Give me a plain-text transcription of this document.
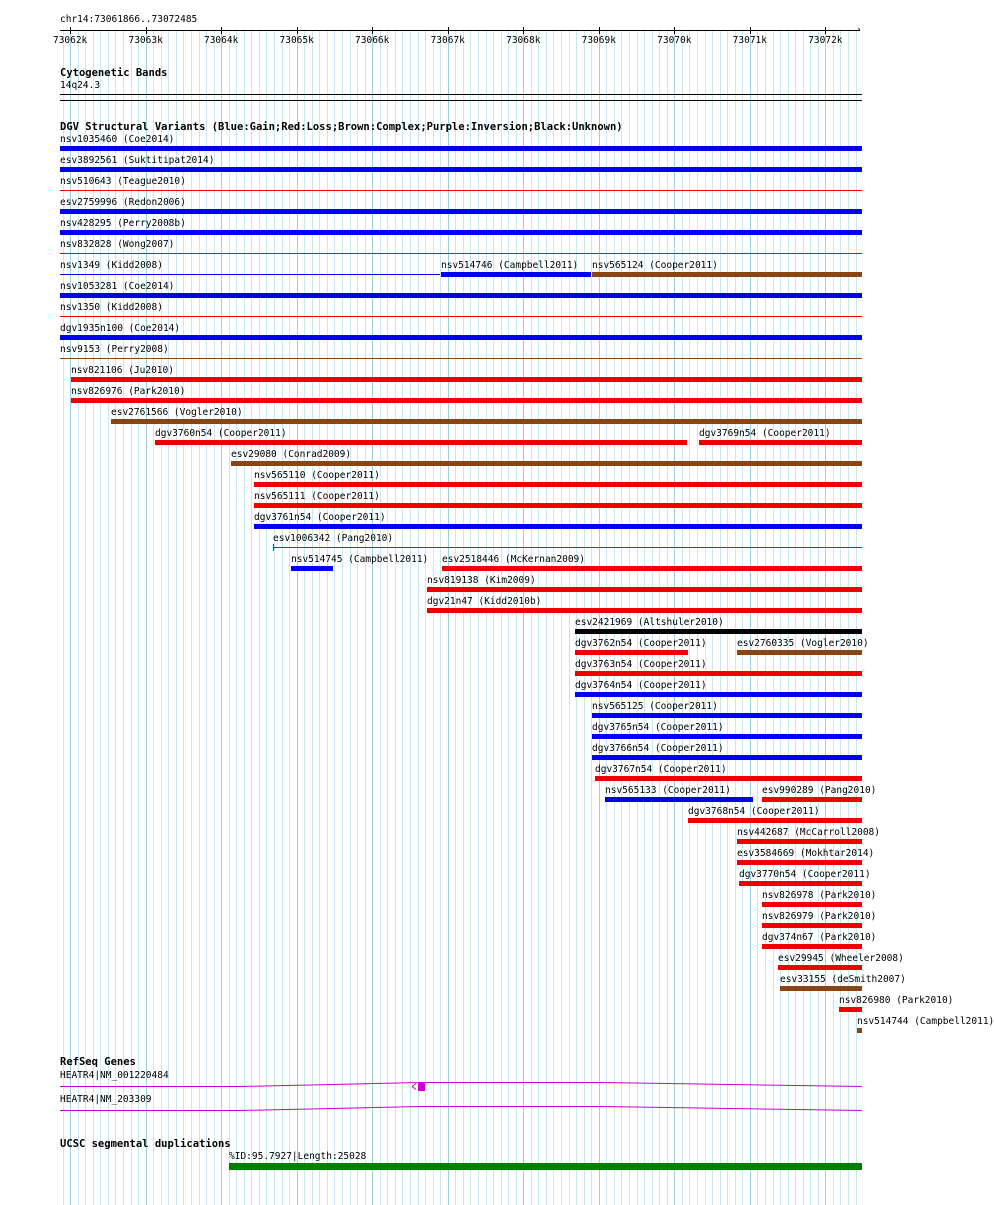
chr14:73061866..73072485
›
73062k	73063k	73064k	73065k	73066k	73067k	73068k	73069k	73070k	73071k	73072k
Cytogenetic Bands
14q24.3
DGV Structural Variants (Blue:Gain;Red:Loss;Brown:Complex;Purple:Inversion;Black:Unknown)
nsv1035460 (Coe2014)
esv3892561 (Suktitipat2014)
nsv510643 (Teague2010)
esv2759996 (Redon2006)
nsv428295 (Perry2008b)
nsv832828 (Wong2007)
nsv1349 (Kidd2008)	nsv514746 (Campbell2011) nsv565124 (Cooper2011)
nsv1053281 (Coe2014)
nsv1350 (Kidd2008)
dgv1935n100 (Coe2014)
nsv9153 (Perry2008)
nsv821106 (Ju2010)
nsv826976 (Park2010)
esv2761566 (Vogler2010)
dgv3760n54 (Cooper2011)	dgv3769n54 (Cooper2011)
esv29080 (Conrad2009)
nsv565110 (Cooper2011)
nsv565111 (Cooper2011)
dgv3761n54 (Cooper2011)
esv1006342 (Pang2010)
nsv514745 (Campbell2011) esv2518446 (McKernan2009)
nsv819138 (Kim2009)
dgv21n47 (Kidd2010b)
esv2421969 (Altshuler2010)
dgv3762n54 (Cooper2011)	esv2760335 (Vogler2010)
dgv3763n54 (Cooper2011)
dgv3764n54 (Cooper2011)
nsv565125 (Cooper2011)
dgv3765n54 (Cooper2011)
dgv3766n54 (Cooper2011)
dgv3767n54 (Cooper2011)
nsv565133 (Cooper2011)	esv990289 (Pang2010)
dgv3768n54 (Cooper2011)
nsv442687 (McCarroll2008)
esv3584669 (Mokhtar2014)
dgv3770n54 (Cooper2011)
nsv826978 (Park2010)
nsv826979 (Park2010)
dgv374n67 (Park2010)
esv29945 (Wheeler2008)
esv33155 (deSmith2007)
nsv826980 (Park2010)
nsv514744 (Campbell2011)
RefSeq Genes
HEATR4|NM_001220484
HEATR4|NM_203309
UCSC segmental duplications
%ID:95.7927|Length:25028
